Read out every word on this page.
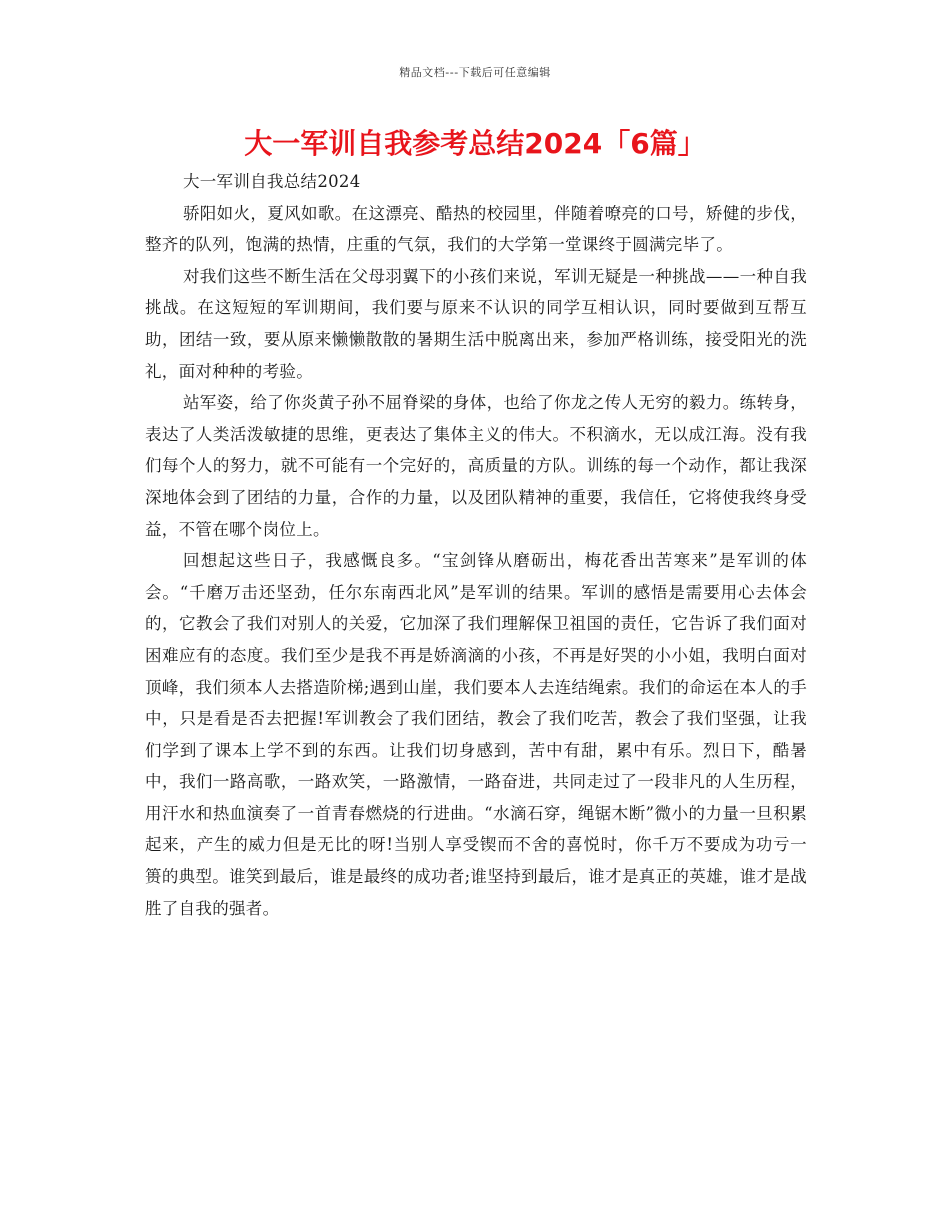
精品文档---下载后可任意编辑
大一军训自我参考总结2024「6篇」

大一军训自我总结2024

骄阳如火，夏风如歌。在这漂亮、酷热的校园里，伴随着嘹亮的口号，矫健的步伐，整齐的队列，饱满的热情，庄重的气氛，我们的大学第一堂课终于圆满完毕了。

对我们这些不断生活在父母羽翼下的小孩们来说，军训无疑是一种挑战——一种自我挑战。在这短短的军训期间，我们要与原来不认识的同学互相认识，同时要做到互帮互助，团结一致，要从原来懒懒散散的暑期生活中脱离出来，参加严格训练，接受阳光的洗礼，面对种种的考验。

站军姿，给了你炎黄子孙不屈脊梁的身体，也给了你龙之传人无穷的毅力。练转身，表达了人类活泼敏捷的思维，更表达了集体主义的伟大。不积滴水，无以成江海。没有我们每个人的努力，就不可能有一个完好的，高质量的方队。训练的每一个动作，都让我深深地体会到了团结的力量，合作的力量，以及团队精神的重要，我信任，它将使我终身受益，不管在哪个岗位上。

回想起这些日子，我感慨良多。“宝剑锋从磨砺出，梅花香出苦寒来”是军训的体会。“千磨万击还坚劲，任尔东南西北风”是军训的结果。军训的感悟是需要用心去体会的，它教会了我们对别人的关爱，它加深了我们理解保卫祖国的责任，它告诉了我们面对困难应有的态度。我们至少是我不再是娇滴滴的小孩，不再是好哭的小小姐，我明白面对顶峰，我们须本人去搭造阶梯;遇到山崖，我们要本人去连结绳索。我们的命运在本人的手中，只是看是否去把握!军训教会了我们团结，教会了我们吃苦，教会了我们坚强，让我们学到了课本上学不到的东西。让我们切身感到，苦中有甜，累中有乐。烈日下，酷暑中，我们一路高歌，一路欢笑，一路激情，一路奋进，共同走过了一段非凡的人生历程，用汗水和热血演奏了一首青春燃烧的行进曲。“水滴石穿，绳锯木断”微小的力量一旦积累起来，产生的威力但是无比的呀!当别人享受锲而不舍的喜悦时，你千万不要成为功亏一篑的典型。谁笑到最后，谁是最终的成功者;谁坚持到最后，谁才是真正的英雄，谁才是战胜了自我的强者。
